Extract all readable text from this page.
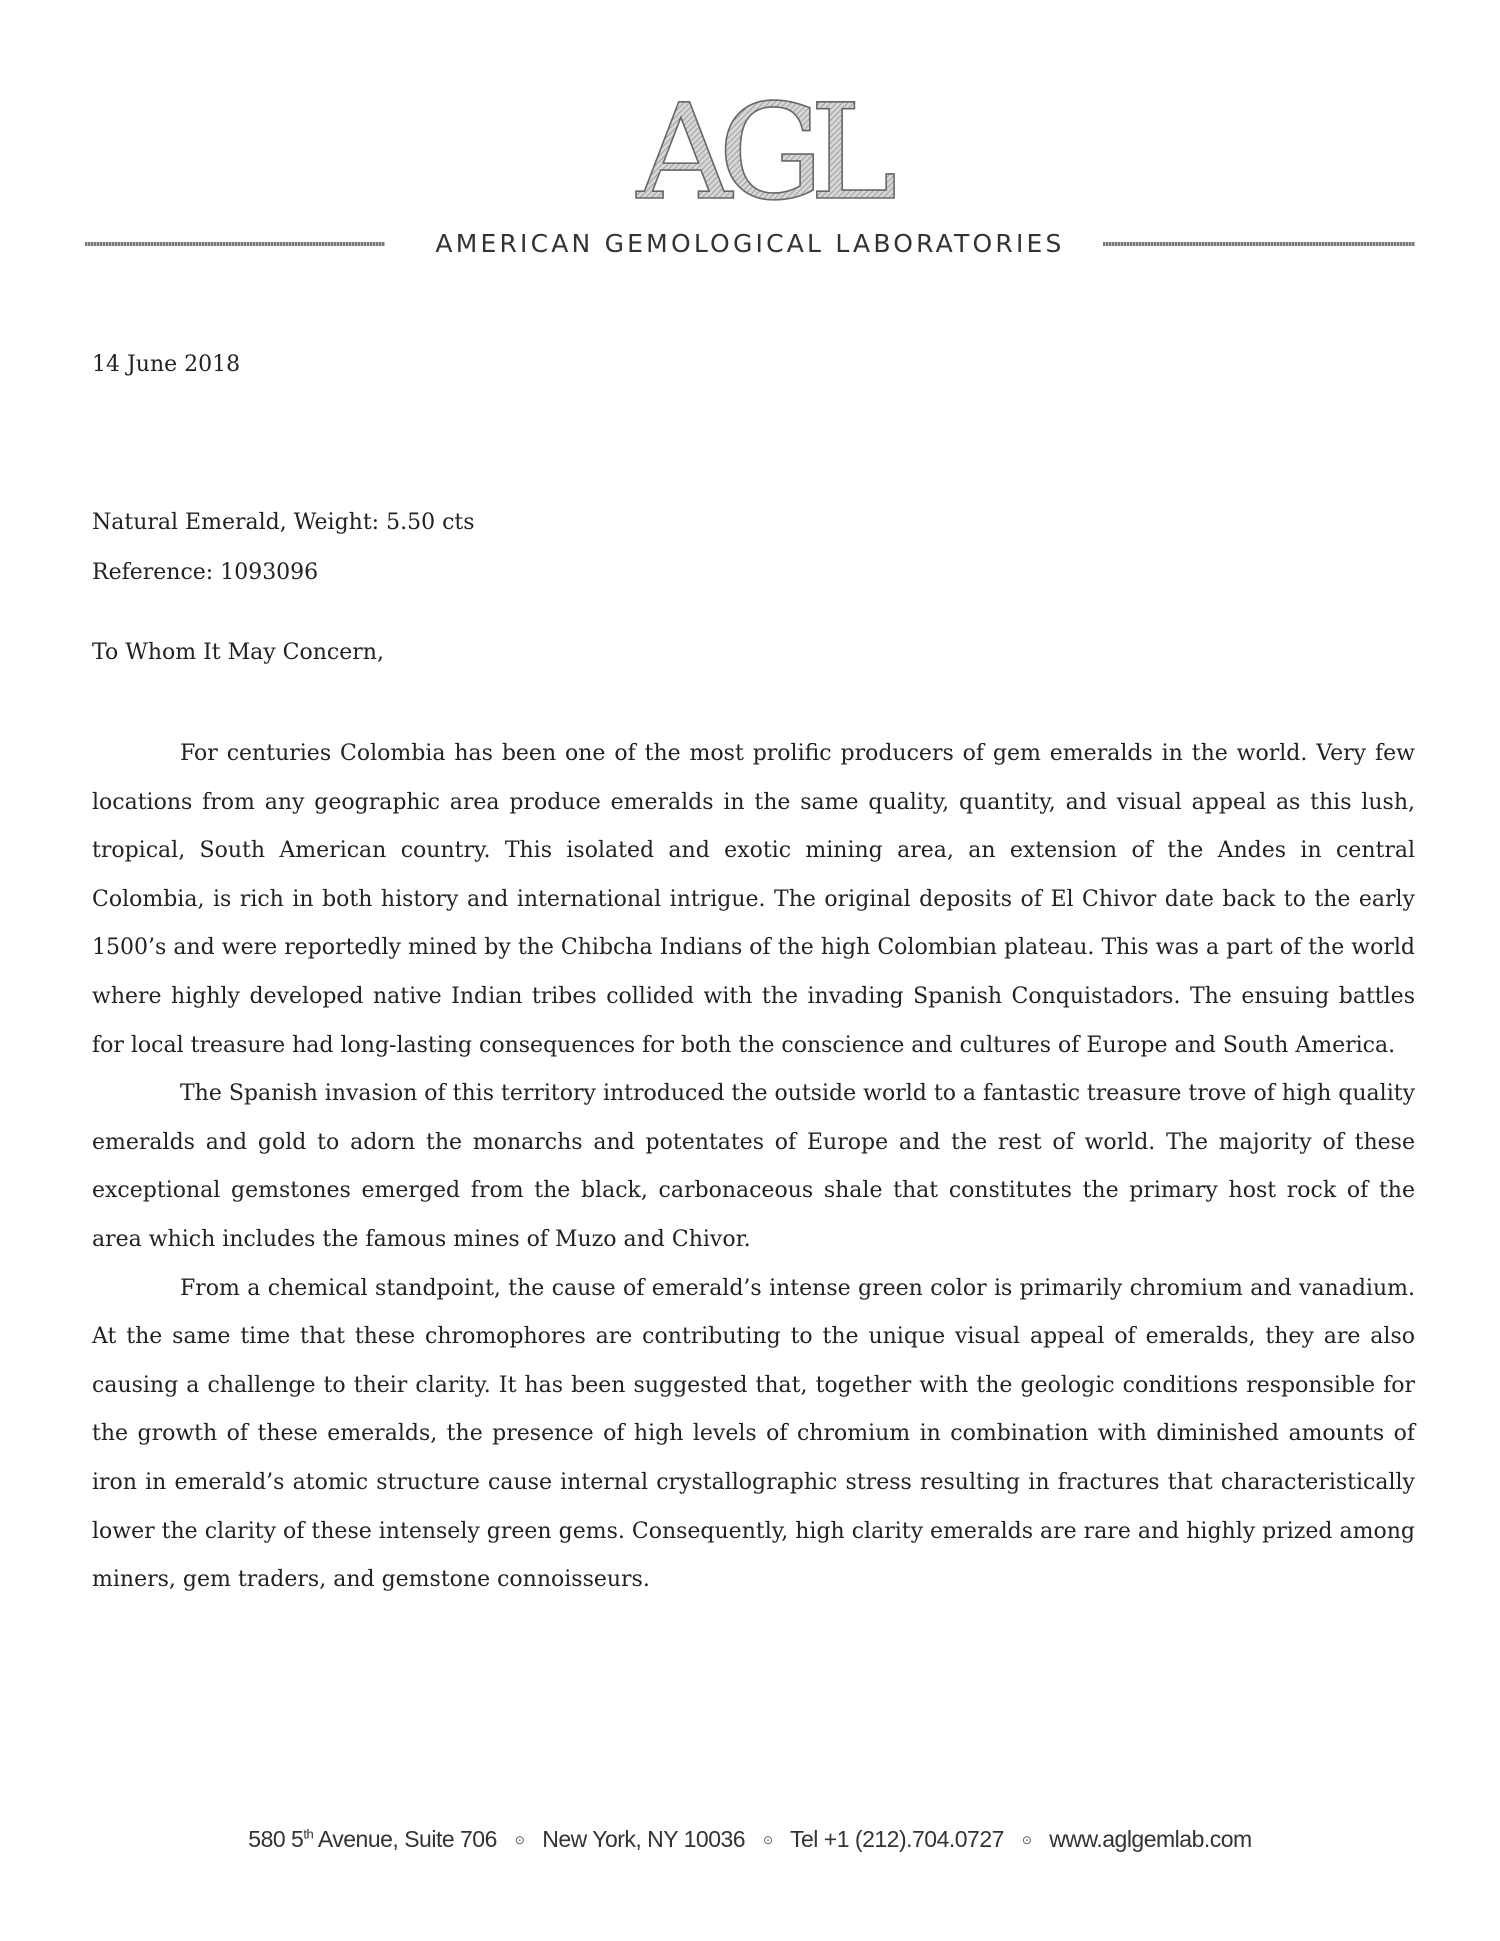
AGL
AMERICAN GEMOLOGICAL LABORATORIES
14 June 2018
Natural Emerald, Weight: 5.50 cts
Reference: 1093096
To Whom It May Concern,

For centuries Colombia has been one of the most prolific producers of gem emeralds in the world. Very few locations from any geographic area produce emeralds in the same quality, quantity, and visual appeal as this lush, tropical, South American country. This isolated and exotic mining area, an extension of the Andes in central Colombia, is rich in both history and international intrigue. The original deposits of El Chivor date back to the early 1500’s and were reportedly mined by the Chibcha Indians of the high Colombian plateau. This was a part of the world where highly developed native Indian tribes collided with the invading Spanish Conquistadors. The ensuing battles for local treasure had long-lasting consequences for both the conscience and cultures of Europe and South America.

The Spanish invasion of this territory introduced the outside world to a fantastic treasure trove of high quality emeralds and gold to adorn the monarchs and potentates of Europe and the rest of world. The majority of these exceptional gemstones emerged from the black, carbonaceous shale that constitutes the primary host rock of the area which includes the famous mines of Muzo and Chivor.

From a chemical standpoint, the cause of emerald’s intense green color is primarily chromium and vanadium. At the same time that these chromophores are contributing to the unique visual appeal of emeralds, they are also causing a challenge to their clarity. It has been suggested that, together with the geologic conditions responsible for the growth of these emeralds, the presence of high levels of chromium in combination with diminished amounts of iron in emerald’s atomic structure cause internal crystallographic stress resulting in fractures that characteristically lower the clarity of these intensely green gems. Consequently, high clarity emeralds are rare and highly prized among miners, gem traders, and gemstone connoisseurs.

580 5th Avenue, Suite 706 ⊙ New York, NY 10036 ⊙ Tel +1 (212).704.0727 ⊙ www.aglgemlab.com
